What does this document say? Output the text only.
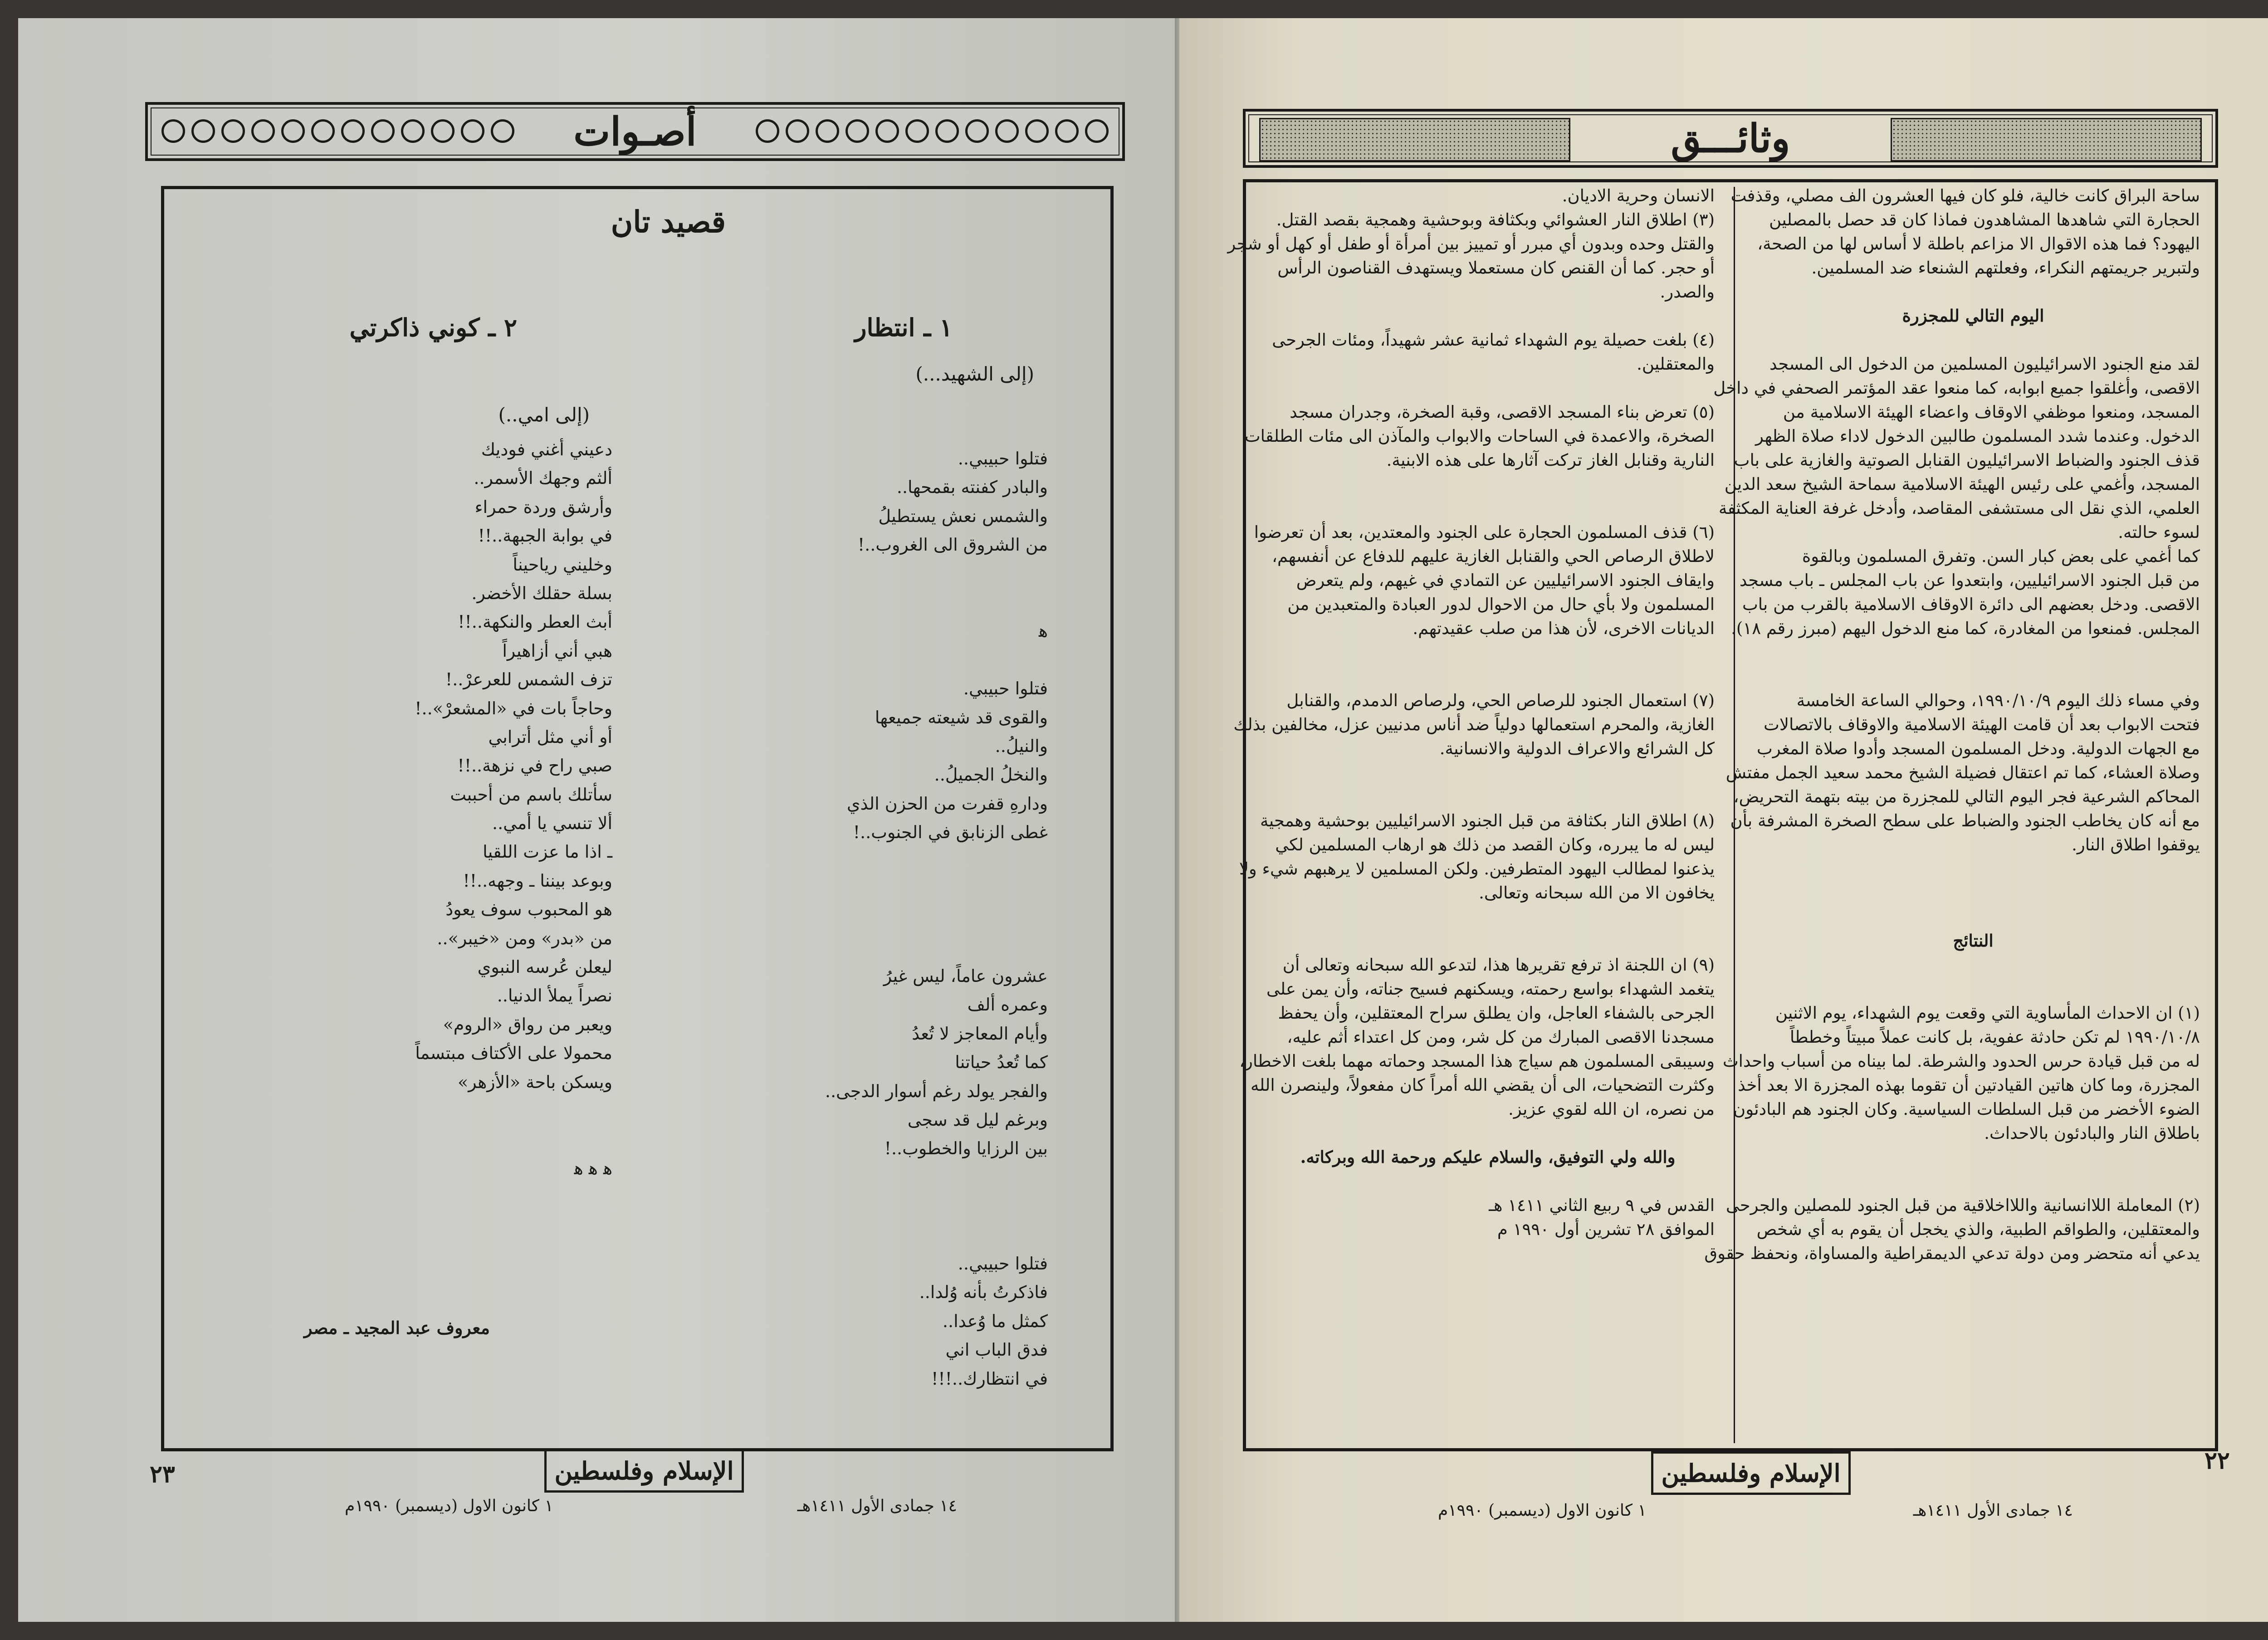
أصـوات
قصيد تان
١ ـ انتظار
(إلى الشهيد...)
فتلوا حبيبي..
والبادر كفنته بقمحها..
والشمس نعش يستطيلُ
من الشروق الى الغروب..!
ﻫ
فتلوا حبيبي.
والقوى قد شيعته جميعها
والنيلُ..
والنخلُ الجميلُ..
ودارهِ قفرت من الحزن الذي
غطى الزنابق في الجنوب..!
عشرون عاماً، ليس غيرُ
وعمره ألف
وأيام المعاجز لا تُعدُ
كما تُعدُ حياتنا
والفجر يولد رغم أسوار الدجى..
وبرغم ليل قد سجى
بين الرزايا والخطوب..!
فتلوا حبيبي..
فاذكرتُ بأنه وُلدا..
كمثل ما وُعدا..
فدق الباب اني
في انتظارك..!!!
٢ ـ كوني ذاكرتي
(إلى امي..)
دعيني أغني فوديك
ألثم وجهك الأسمر..
وأرشق وردة حمراء
في بوابة الجبهة..!!
وخليني رياحيناً
بسلة حقلك الأخضر.
أبث العطر والنكهة..!!
هبي أني أزاهيراً
تزف الشمس للعرعرْ..!
وحاجاً بات في «المشعرْ»..!
أو أني مثل أترابي
صبي راح في نزهة..!!
سأتلك باسم من أحببت
ألا تنسي يا أمي..
ـ اذا ما عزت اللقيا
وبوعد بيننا ـ وجهه..!!
هو المحبوب سوف يعودُ
من «بدر» ومن «خيبر»..
ليعلن عُرسه النبوي
نصراً يملأ الدنيا..
ويعبر من رواق «الروم»
محمولا على الأكتاف مبتسماً
ويسكن باحة «الأزهر»
ﻫ ﻫ ﻫ
معروف عبد المجيد ـ مصر
٢٣	الإسلام وفلسطين
١٤ جمادى الأول ١٤١١هـ
١ كانون الاول (ديسمبر) ١٩٩٠م
وثائـــق
ساحة البراق كانت خالية، فلو كان فيها العشرون الف مصلي، وقذفت
الحجارة التي شاهدها المشاهدون فماذا كان قد حصل بالمصلين
اليهود؟ فما هذه الاقوال الا مزاعم باطلة لا أساس لها من الصحة،
ولتبرير جريمتهم النكراء، وفعلتهم الشنعاء ضد المسلمين.
اليوم التالي للمجزرة
لقد منع الجنود الاسرائيليون المسلمين من الدخول الى المسجد
الاقصى، وأغلقوا جميع ابوابه، كما منعوا عقد المؤتمر الصحفي في داخل
المسجد، ومنعوا موظفي الاوقاف واعضاء الهيئة الاسلامية من
الدخول. وعندما شدد المسلمون طالبين الدخول لاداء صلاة الظهر
قذف الجنود والضباط الاسرائيليون القنابل الصوتية والغازية على باب
المسجد، وأغمي على رئيس الهيئة الاسلامية سماحة الشيخ سعد الدين
العلمي، الذي نقل الى مستشفى المقاصد، وأدخل غرفة العناية المكثفة
لسوء حالته.
كما أغمي على بعض كبار السن. وتفرق المسلمون وبالقوة
من قبل الجنود الاسرائيليين، وابتعدوا عن باب المجلس ـ باب مسجد
الاقصى. ودخل بعضهم الى دائرة الاوقاف الاسلامية بالقرب من باب
المجلس. فمنعوا من المغادرة، كما منع الدخول اليهم (مبرز رقم ١٨).
وفي مساء ذلك اليوم ١٩٩٠/١٠/٩، وحوالي الساعة الخامسة
فتحت الابواب بعد أن قامت الهيئة الاسلامية والاوقاف بالاتصالات
مع الجهات الدولية. ودخل المسلمون المسجد وأدوا صلاة المغرب
وصلاة العشاء، كما تم اعتقال فضيلة الشيخ محمد سعيد الجمل مفتش
المحاكم الشرعية فجر اليوم التالي للمجزرة من بيته بتهمة التحريض،
مع أنه كان يخاطب الجنود والضباط على سطح الصخرة المشرفة بأن
يوقفوا اطلاق النار.
النتائج
(١) ان الاحداث المأساوية التي وقعت يوم الشهداء، يوم الاثنين
١٩٩٠/١٠/٨ لم تكن حادثة عفوية، بل كانت عملاً مبيتاً وخططاً
له من قبل قيادة حرس الحدود والشرطة. لما بيناه من أسباب واحداث
المجزرة، وما كان هاتين القيادتين أن تقوما بهذه المجزرة الا بعد أخذ
الضوء الأخضر من قبل السلطات السياسية. وكان الجنود هم البادئون
باطلاق النار والبادئون بالاحداث.
(٢) المعاملة اللاانسانية واللااخلاقية من قبل الجنود للمصلين والجرحى
والمعتقلين، والطواقم الطبية، والذي يخجل أن يقوم به أي شخص
يدعي أنه متحضر ومن دولة تدعي الديمقراطية والمساواة، ونحفظ حقوق
الانسان وحرية الاديان.
(٣) اطلاق النار العشوائي وبكثافة وبوحشية وهمجية بقصد القتل.
والقتل وحده وبدون أي مبرر أو تمييز بين أمرأة أو طفل أو كهل أو شجر
أو حجر. كما أن القنص كان مستعملا ويستهدف القناصون الرأس
والصدر.
(٤) بلغت حصيلة يوم الشهداء ثمانية عشر شهيداً، ومئات الجرحى
والمعتقلين.
(٥) تعرض بناء المسجد الاقصى، وقبة الصخرة، وجدران مسجد
الصخرة، والاعمدة في الساحات والابواب والمآذن الى مئات الطلقات
النارية وقنابل الغاز تركت آثارها على هذه الابنية.
(٦) قذف المسلمون الحجارة على الجنود والمعتدين، بعد أن تعرضوا
لاطلاق الرصاص الحي والقنابل الغازية عليهم للدفاع عن أنفسهم،
وايقاف الجنود الاسرائيليين عن التمادي في غيهم، ولم يتعرض
المسلمون ولا بأي حال من الاحوال لدور العبادة والمتعبدين من
الديانات الاخرى، لأن هذا من صلب عقيدتهم.
(٧) استعمال الجنود للرصاص الحي، ولرصاص الدمدم، والقنابل
الغازية، والمحرم استعمالها دولياً ضد أناس مدنيين عزل، مخالفين بذلك
كل الشرائع والاعراف الدولية والانسانية.
(٨) اطلاق النار بكثافة من قبل الجنود الاسرائيليين بوحشية وهمجية
ليس له ما يبرره، وكان القصد من ذلك هو ارهاب المسلمين لكي
يذعنوا لمطالب اليهود المتطرفين. ولكن المسلمين لا يرهبهم شيء ولا
يخافون الا من الله سبحانه وتعالى.
(٩) ان اللجنة اذ ترفع تقريرها هذا، لتدعو الله سبحانه وتعالى أن
يتغمد الشهداء بواسع رحمته، ويسكنهم فسيح جناته، وأن يمن على
الجرحى بالشفاء العاجل، وان يطلق سراح المعتقلين، وأن يحفظ
مسجدنا الاقصى المبارك من كل شر، ومن كل اعتداء أثم عليه،
وسيبقى المسلمون هم سياج هذا المسجد وحماته مهما بلغت الاخطار،
وكثرت التضحيات، الى أن يقضي الله أمراً كان مفعولاً، ولينصرن الله
من نصره، ان الله لقوي عزيز.
والله ولي التوفيق، والسلام عليكم ورحمة الله وبركاته.
القدس في ٩ ربيع الثاني ١٤١١ هـ
الموافق ٢٨ تشرين أول ١٩٩٠ م
الإسلام وفلسطين	٢٢
١٤ جمادى الأول ١٤١١هـ
١ كانون الاول (ديسمبر) ١٩٩٠م
